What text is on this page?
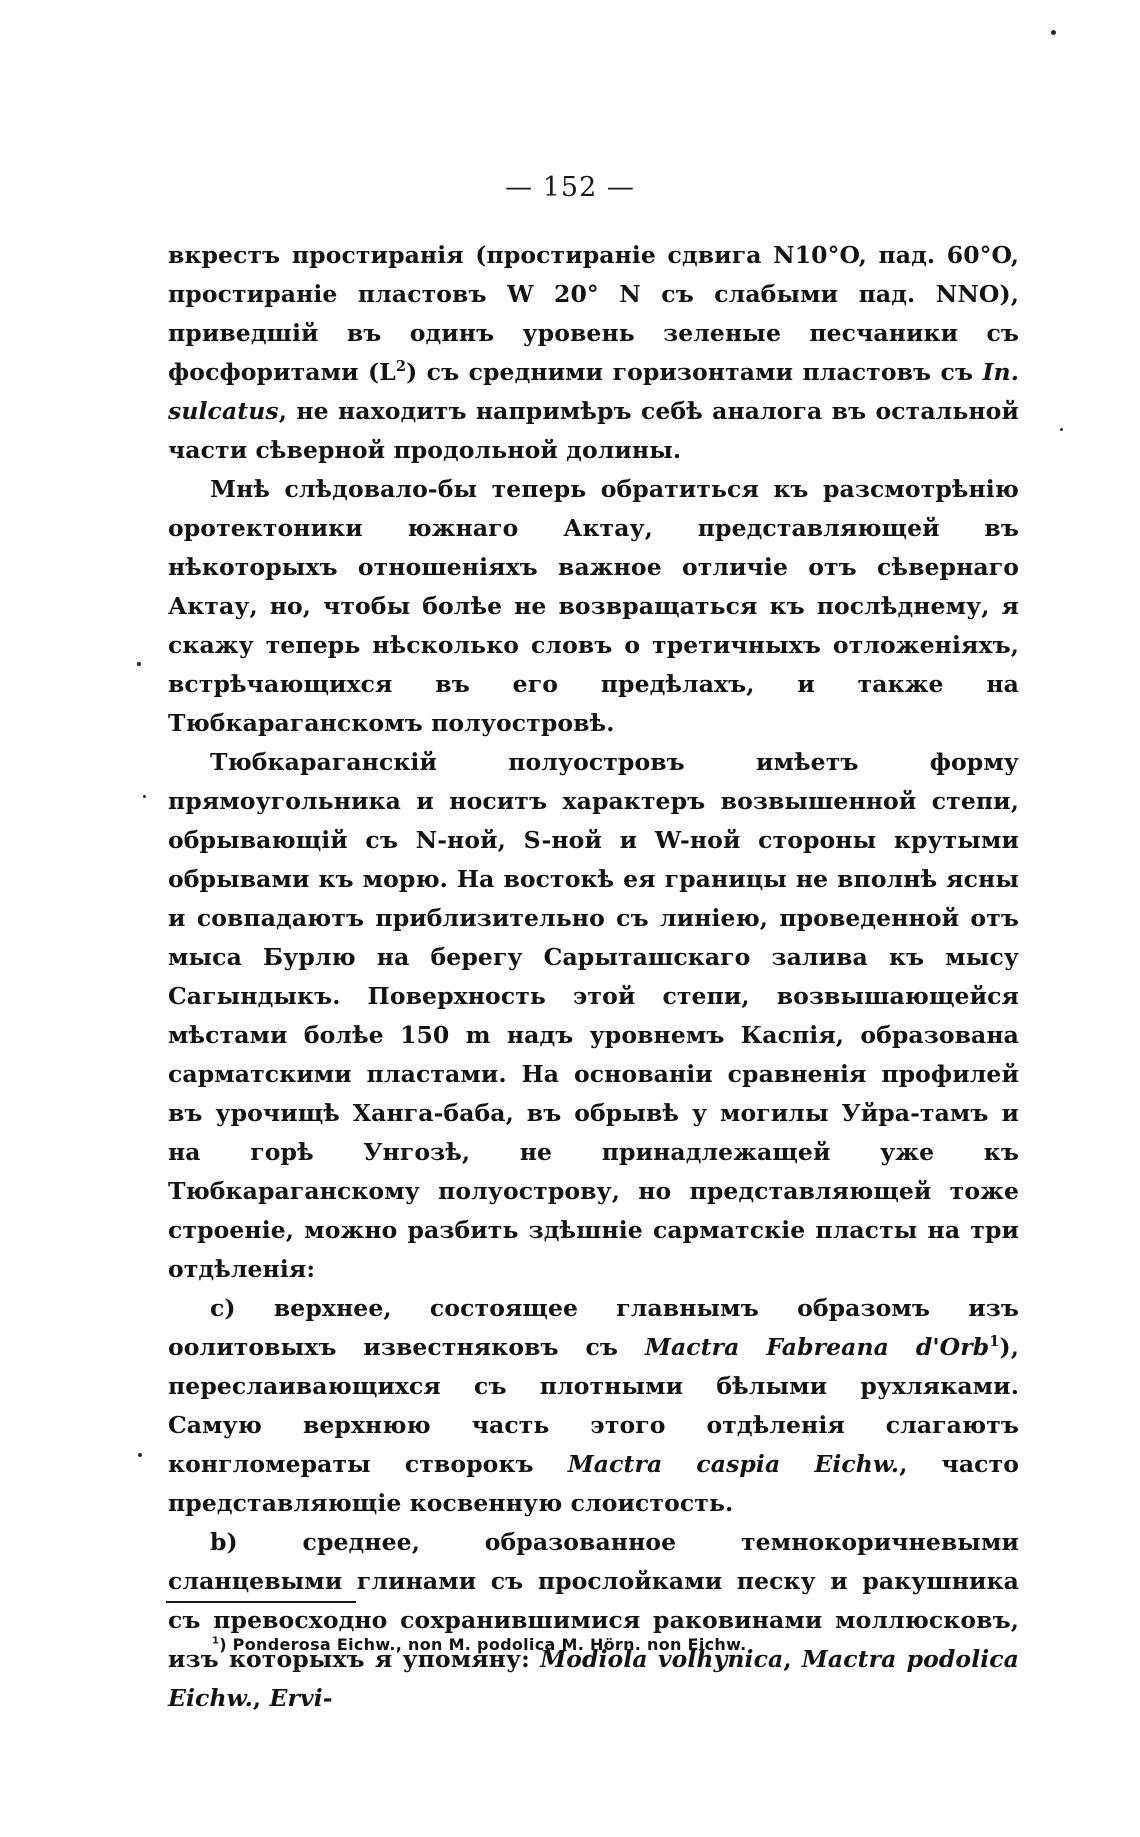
— 152 —

вкрестъ простиранія (простираніе сдвига N10°O, пад. 60°O, простираніе пластовъ W 20° N съ слабыми пад. NNO), приведшій въ одинъ уровень зеленые песчаники съ фосфоритами $(L^2)$ съ средними горизонтами пластовъ съ In. sulcatus, не находитъ напримѣръ себѣ аналога въ остальной части сѣверной продольной долины.

Мнѣ слѣдовало-бы теперь обратиться къ разсмотрѣнію оротектоники южнаго Актау, представляющей въ нѣкоторыхъ отношеніяхъ важное отличіе отъ сѣвернаго Актау, но, чтобы болѣе не возвращаться къ послѣднему, я скажу теперь нѣсколько словъ о третичныхъ отложеніяхъ, встрѣчающихся въ его предѣлахъ, и также на Тюбкараганскомъ полуостровѣ.

Тюбкараганскій полуостровъ имѣетъ форму прямоугольника и носитъ характеръ возвышенной степи, обрывающій съ N-ной, S-ной и W-ной стороны крутыми обрывами къ морю. На востокѣ ея границы не вполнѣ ясны и совпадаютъ приблизительно съ линіею, проведенной отъ мыса Бурлю на берегу Сарыташскаго залива къ мысу Сагындыкъ. Поверхность этой степи, возвышающейся мѣстами болѣе 150 m надъ уровнемъ Каспія, образована сарматскими пластами. На основаніи сравненія профилей въ урочищѣ Ханга-баба, въ обрывѣ у могилы Уйра-тамъ и на горѣ Унгозѣ, не принадлежащей уже къ Тюбкараганскому полуострову, но представляющей тоже строеніе, можно разбить здѣшніе сарматскіе пласты на три отдѣленія:

c) верхнее, состоящее главнымъ образомъ изъ оолитовыхъ известняковъ съ Mactra Fabreana d'Orb$^1$), переслаивающихся съ плотными бѣлыми рухляками. Самую верхнюю часть этого отдѣленія слагаютъ конгломераты створокъ Mactra caspia Eichw., часто представляющіе косвенную слоистость.

b) среднее, образованное темнокоричневыми сланцевыми глинами съ прослойками песку и ракушника съ превосходно сохранившимися раковинами моллюсковъ, изъ которыхъ я упомяну: Modiola volhynica, Mactra podolica Eichw., Ervi-

$^1$) Ponderosa Eichw., non M. podolica M. Hörn. non Eichw.
